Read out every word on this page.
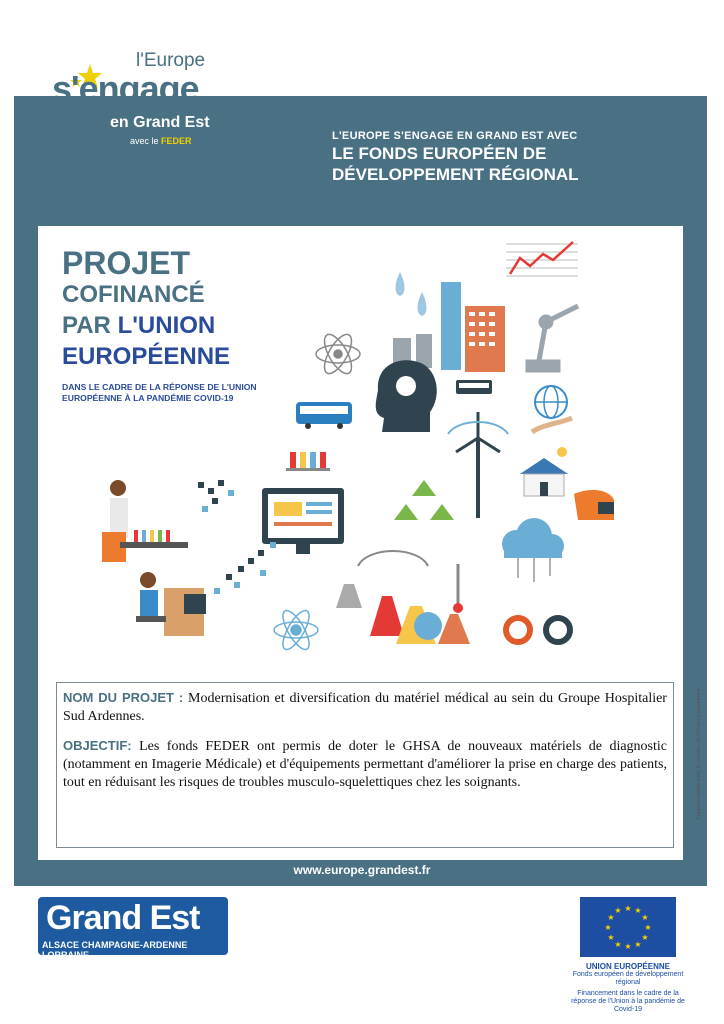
l'Europe
s'engage
en Grand Est
avec le FEDER	L'EUROPE S'ENGAGE EN GRAND EST AVEC
LE FONDS EUROPÉEN DE
DÉVELOPPEMENT RÉGIONAL
PROJET
COFINANCÉ
PAR L'UNION
EUROPÉENNE
DANS LE CADRE DE LA RÉPONSE DE L'UNION EUROPÉENNE À LA PANDÉMIE COVID-19
NOM DU PROJET : Modernisation et diversification du matériel médical au sein du Groupe Hospitalier Sud Ardennes.
OBJECTIF: Les fonds FEDER ont permis de doter le GHSA de nouveaux matériels de diagnostic (notamment en Imagerie Médicale) et d'équipements permettant d'améliorer la prise en charge des patients, tout en réduisant les risques de troubles musculo-squelettiques chez les soignants.
www.europe.grandest.fr
Support réalisé avec le soutien de l'Union européenne
Grand Est
ALSACE CHAMPAGNE-ARDENNE LORRAINE
★ ★
★
★
★
★
★
★
★
★
★
★
UNION EUROPÉENNE
Fonds européen de développement régional
Financement dans le cadre de la réponse de l'Union à la pandémie de Covid-19
